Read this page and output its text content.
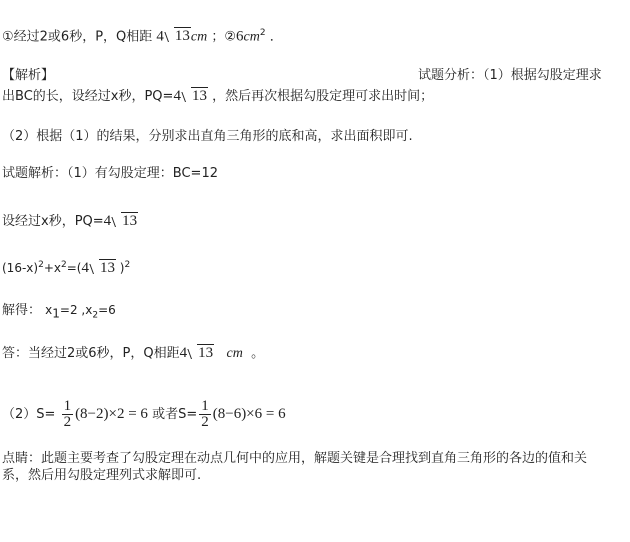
①经过2或6秒，P，Q相距 4 13cm ；$②6cm^2$ ．
【解析】	试题分析：（1）根据勾股定理求
出BC的长，设经过x秒，PQ=4 13 ，然后再次根据勾股定理可求出时间；
（2）根据（1）的结果，分别求出直角三角形的底和高，求出面积即可.
试题解析：（1）有勾股定理：BC=12
设经过x秒，PQ=4 13
$(16-x)^2+x^2=(4$ 13 )$^2$
解得： $x_1=2$ $,x_2=6$
答：当经过2或6秒，P，Q相距4 13 cm 。
$(2)S= \frac{1}{2} (8-2)\times 2 = 6$ 或者$S= \frac{1}{2} (8-6)\times 6 = 6$
点睛：此题主要考查了勾股定理在动点几何中的应用，解题关键是合理找到直角三角形的各边的值和关
系，然后用勾股定理列式求解即可.
